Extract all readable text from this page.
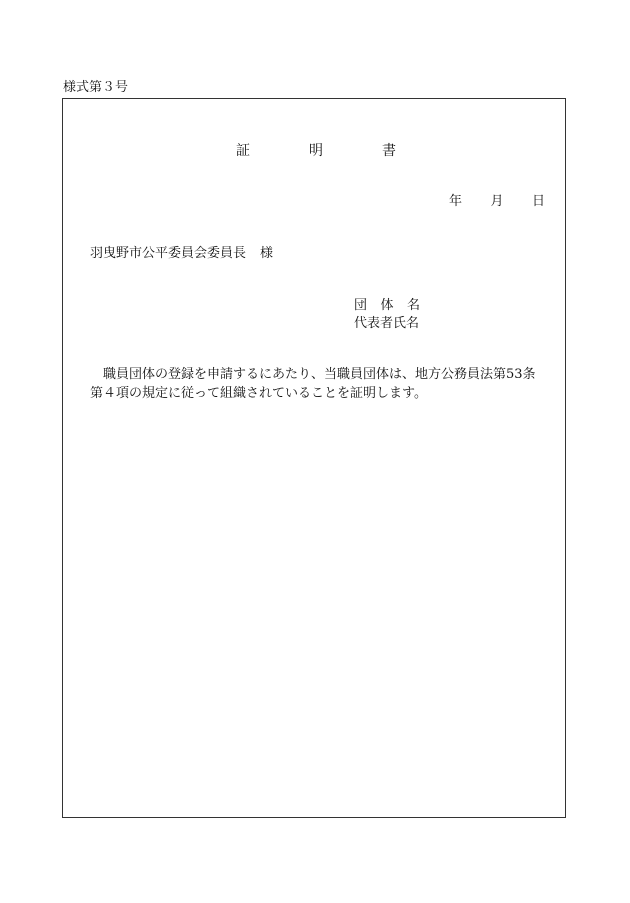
様式第３号
証	明	書
年 月 日
羽曳野市公平委員会委員長 様
団 体 名
代表者氏名
職員団体の登録を申請するにあたり、当職員団体は、地方公務員法第53条
第４項の規定に従って組織されていることを証明します。
